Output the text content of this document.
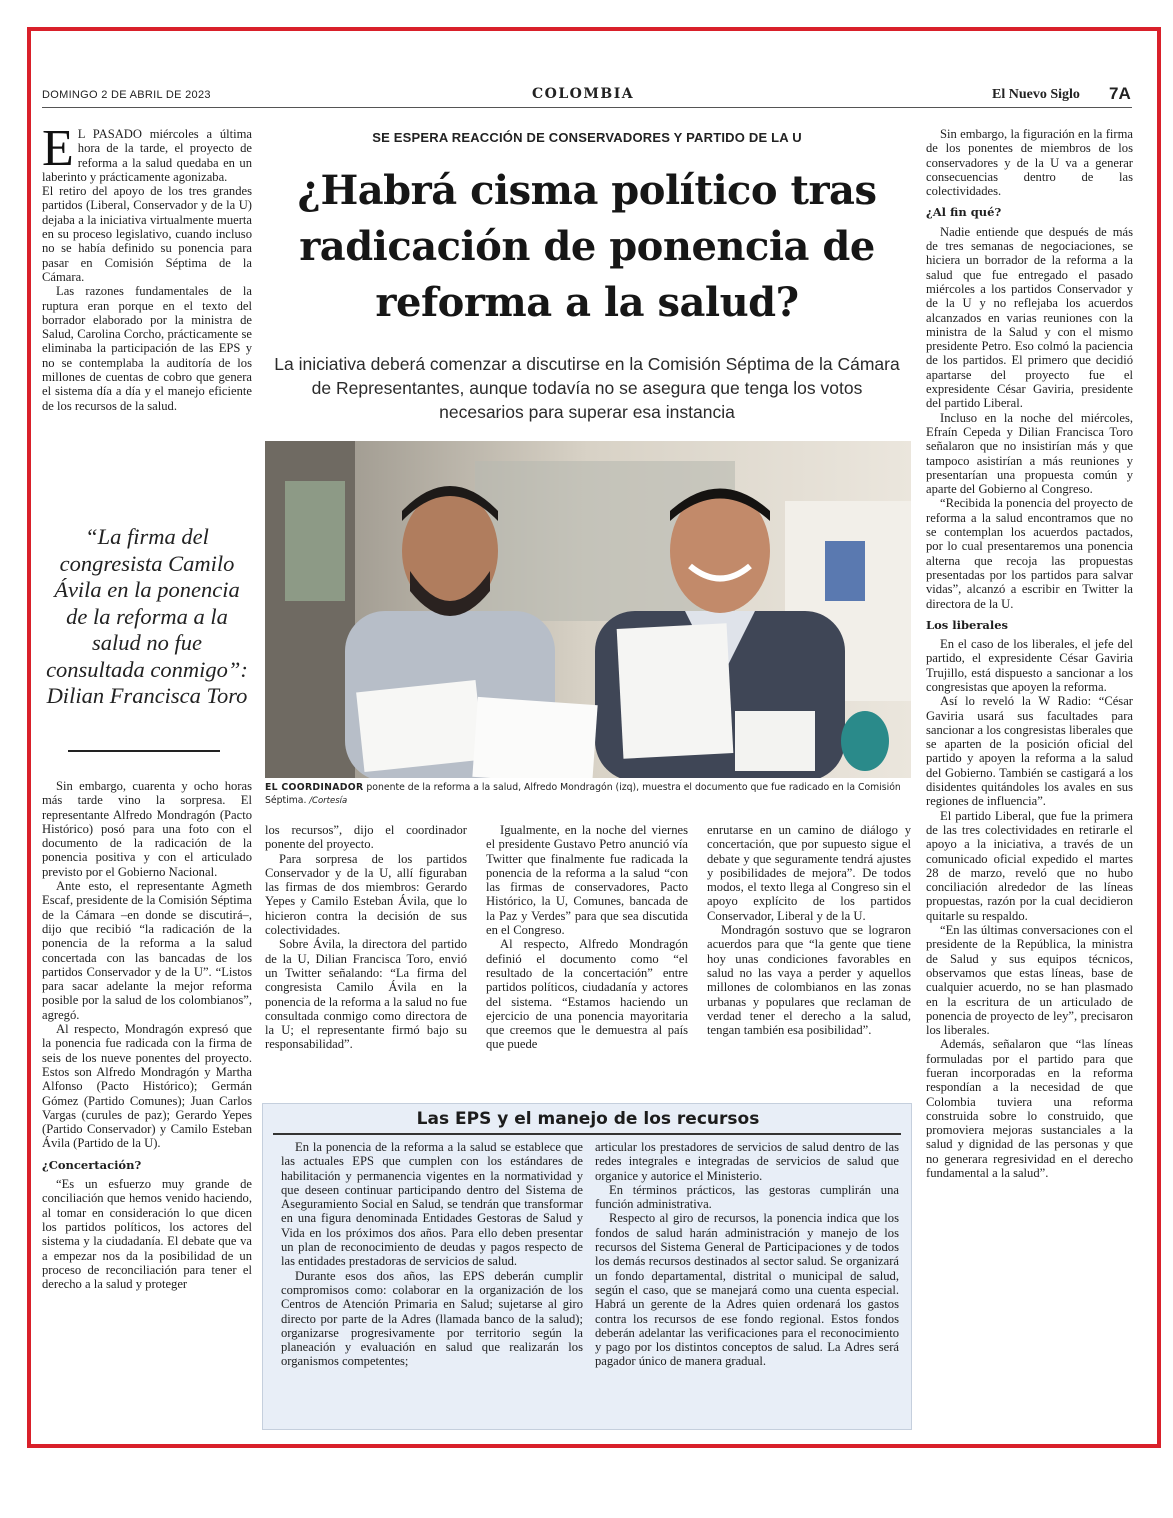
DOMINGO 2 DE ABRIL DE 2023	COLOMBIA	El Nuevo Siglo 7A

E L PASADO miércoles a última hora de la tarde, el proyecto de reforma a la salud quedaba en un laberinto y prácticamente agonizaba.

El retiro del apoyo de los tres grandes partidos (Liberal, Conservador y de la U) dejaba a la iniciativa virtualmente muerta en su proceso legislativo, cuando incluso no se había definido su ponencia para pasar en Comisión Séptima de la Cámara.

Las razones fundamentales de la ruptura eran porque en el texto del borrador elaborado por la ministra de Salud, Carolina Corcho, prácticamente se eliminaba la participación de las EPS y no se contemplaba la auditoría de los millones de cuentas de cobro que genera el sistema día a día y el manejo eficiente de los recursos de la salud.

“La firma del congresista Camilo Ávila en la ponencia de la reforma a la salud no fue consultada conmigo”: Dilian Francisca Toro

Sin embargo, cuarenta y ocho horas más tarde vino la sorpresa. El representante Alfredo Mondragón (Pacto Histórico) posó para una foto con el documento de la radicación de la ponencia positiva y con el articulado previsto por el Gobierno Nacional.

Ante esto, el representante Agmeth Escaf, presidente de la Comisión Séptima de la Cámara –en donde se discutirá–, dijo que recibió “la radicación de la ponencia de la reforma a la salud concertada con las bancadas de los partidos Conservador y de la U”. “Listos para sacar adelante la mejor reforma posible por la salud de los colombianos”, agregó.

Al respecto, Mondragón expresó que la ponencia fue radicada con la firma de seis de los nueve ponentes del proyecto. Estos son Alfredo Mondragón y Martha Alfonso (Pacto Histórico); Germán Gómez (Partido Comunes); Juan Carlos Vargas (curules de paz); Gerardo Yepes (Partido Conservador) y Camilo Esteban Ávila (Partido de la U).

¿Concertación?

“Es un esfuerzo muy grande de conciliación que hemos venido haciendo, al tomar en consideración lo que dicen los partidos políticos, los actores del sistema y la ciudadanía. El debate que va a empezar nos da la posibilidad de un proceso de reconciliación para tener el derecho a la salud y proteger

SE ESPERA REACCIÓN DE CONSERVADORES Y PARTIDO DE LA U
¿Habrá cisma político tras radicación de ponencia de reforma a la salud?
La iniciativa deberá comenzar a discutirse en la Comisión Séptima de la Cámara de Representantes, aunque todavía no se asegura que tenga los votos necesarios para superar esa instancia
EL COORDINADOR ponente de la reforma a la salud, Alfredo Mondragón (izq), muestra el documento que fue radicado en la Comisión Séptima. /Cortesía

los recursos”, dijo el coordinador ponente del proyecto.

Para sorpresa de los partidos Conservador y de la U, allí figuraban las firmas de dos miembros: Gerardo Yepes y Camilo Esteban Ávila, que lo hicieron contra la decisión de sus colectividades.

Sobre Ávila, la directora del partido de la U, Dilian Francisca Toro, envió un Twitter señalando: “La firma del congresista Camilo Ávila en la ponencia de la reforma a la salud no fue consultada conmigo como directora de la U; el representante firmó bajo su responsabilidad”.

Igualmente, en la noche del viernes el presidente Gustavo Petro anunció vía Twitter que finalmente fue radicada la ponencia de la reforma a la salud “con las firmas de conservadores, Pacto Histórico, la U, Comunes, bancada de la Paz y Verdes” para que sea discutida en el Congreso.

Al respecto, Alfredo Mondragón definió el documento como “el resultado de la concertación” entre partidos políticos, ciudadanía y actores del sistema. “Estamos haciendo un ejercicio de una ponencia mayoritaria que creemos que le demuestra al país que puede

enrutarse en un camino de diálogo y concertación, que por supuesto sigue el debate y que seguramente tendrá ajustes y posibilidades de mejora”. De todos modos, el texto llega al Congreso sin el apoyo explícito de los partidos Conservador, Liberal y de la U.

Mondragón sostuvo que se lograron acuerdos para que “la gente que tiene hoy unas condiciones favorables en salud no las vaya a perder y aquellos millones de colombianos en las zonas urbanas y populares que reclaman de verdad tener el derecho a la salud, tengan también esa posibilidad”.

Las EPS y el manejo de los recursos

En la ponencia de la reforma a la salud se establece que las actuales EPS que cumplen con los estándares de habilitación y permanencia vigentes en la normatividad y que deseen continuar participando dentro del Sistema de Aseguramiento Social en Salud, se tendrán que transformar en una figura denominada Entidades Gestoras de Salud y Vida en los próximos dos años. Para ello deben presentar un plan de reconocimiento de deudas y pagos respecto de las entidades prestadoras de servicios de salud.

Durante esos dos años, las EPS deberán cumplir compromisos como: colaborar en la organización de los Centros de Atención Primaria en Salud; sujetarse al giro directo por parte de la Adres (llamada banco de la salud); organizarse progresivamente por territorio según la planeación y evaluación en salud que realizarán los organismos competentes;

articular los prestadores de servicios de salud dentro de las redes integrales e integradas de servicios de salud que organice y autorice el Ministerio.

En términos prácticos, las gestoras cumplirán una función administrativa.

Respecto al giro de recursos, la ponencia indica que los fondos de salud harán administración y manejo de los recursos del Sistema General de Participaciones y de todos los demás recursos destinados al sector salud. Se organizará un fondo departamental, distrital o municipal de salud, según el caso, que se manejará como una cuenta especial. Habrá un gerente de la Adres quien ordenará los gastos contra los recursos de ese fondo regional. Estos fondos deberán adelantar las verificaciones para el reconocimiento y pago por los distintos conceptos de salud. La Adres será pagador único de manera gradual.

Sin embargo, la figuración en la firma de los ponentes de miembros de los conservadores y de la U va a generar consecuencias dentro de las colectividades.

¿Al fin qué?

Nadie entiende que después de más de tres semanas de negociaciones, se hiciera un borrador de la reforma a la salud que fue entregado el pasado miércoles a los partidos Conservador y de la U y no reflejaba los acuerdos alcanzados en varias reuniones con la ministra de la Salud y con el mismo presidente Petro. Eso colmó la paciencia de los partidos. El primero que decidió apartarse del proyecto fue el expresidente César Gaviria, presidente del partido Liberal.

Incluso en la noche del miércoles, Efraín Cepeda y Dilian Francisca Toro señalaron que no insistirían más y que tampoco asistirían a más reuniones y presentarían una propuesta común y aparte del Gobierno al Congreso.

“Recibida la ponencia del proyecto de reforma a la salud encontramos que no se contemplan los acuerdos pactados, por lo cual presentaremos una ponencia alterna que recoja las propuestas presentadas por los partidos para salvar vidas”, alcanzó a escribir en Twitter la directora de la U.

Los liberales

En el caso de los liberales, el jefe del partido, el expresidente César Gaviria Trujillo, está dispuesto a sancionar a los congresistas que apoyen la reforma.

Así lo reveló la W Radio: “César Gaviria usará sus facultades para sancionar a los congresistas liberales que se aparten de la posición oficial del partido y apoyen la reforma a la salud del Gobierno. También se castigará a los disidentes quitándoles los avales en sus regiones de influencia”.

El partido Liberal, que fue la primera de las tres colectividades en retirarle el apoyo a la iniciativa, a través de un comunicado oficial expedido el martes 28 de marzo, reveló que no hubo conciliación alrededor de las líneas propuestas, razón por la cual decidieron quitarle su respaldo.

“En las últimas conversaciones con el presidente de la República, la ministra de Salud y sus equipos técnicos, observamos que estas líneas, base de cualquier acuerdo, no se han plasmado en la escritura de un articulado de ponencia de proyecto de ley”, precisaron los liberales.

Además, señalaron que “las líneas formuladas por el partido para que fueran incorporadas en la reforma respondían a la necesidad de que Colombia tuviera una reforma construida sobre lo construido, que promoviera mejoras sustanciales a la salud y dignidad de las personas y que no generara regresividad en el derecho fundamental a la salud”.
